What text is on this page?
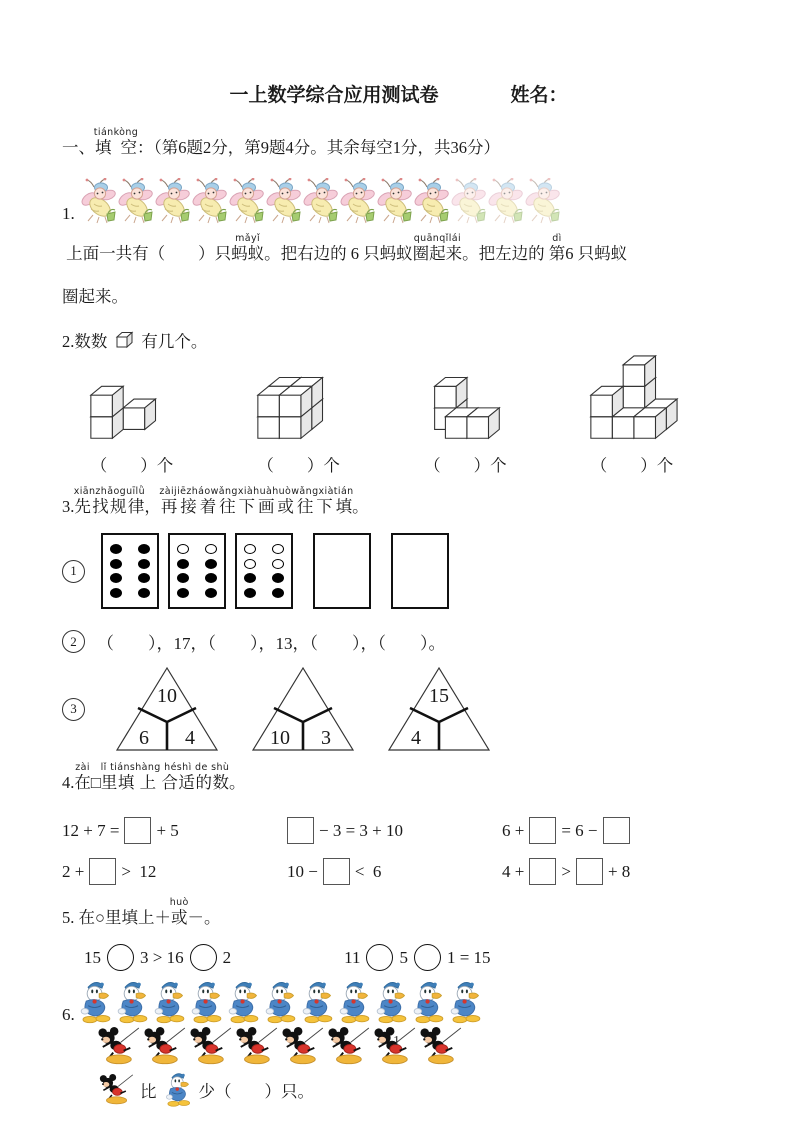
一上数学综合应用测试卷	姓名：
一、填 空tiánkòng：（第6题2分，第9题4分。其余每空1分，共36分）
1.
上面一共有（　　）只蚂蚁mǎyǐ。把右边的 6 只蚂蚁圈起来quānqǐlái。把左边的 第dì6 只蚂蚁
圈起来。
2.数数 有几个。
（　　）个	（　　）个	（　　）个	（　　）个
3.先找规律xiānzhǎoguīlǜ，再接着往下画或往下填zàijiēzháowǎngxiàhuàhuòwǎngxiàtián。
1
2	（　　），17，（　　），13，（　　），（　　）。
3
10
6 4	10 3
15
4
4.在zài□里填 上 合适的数lǐ tiánshàng héshì de shù。
12 + 7 = + 5	− 3 = 3 + 10	6 + = 6 −
2 + >  12	10 − <  6	4 + > + 8
5. 在○里填上＋或huò－。
15 3 > 16 2	11 5 1 = 15
6.
比	少（　　）只。
1
